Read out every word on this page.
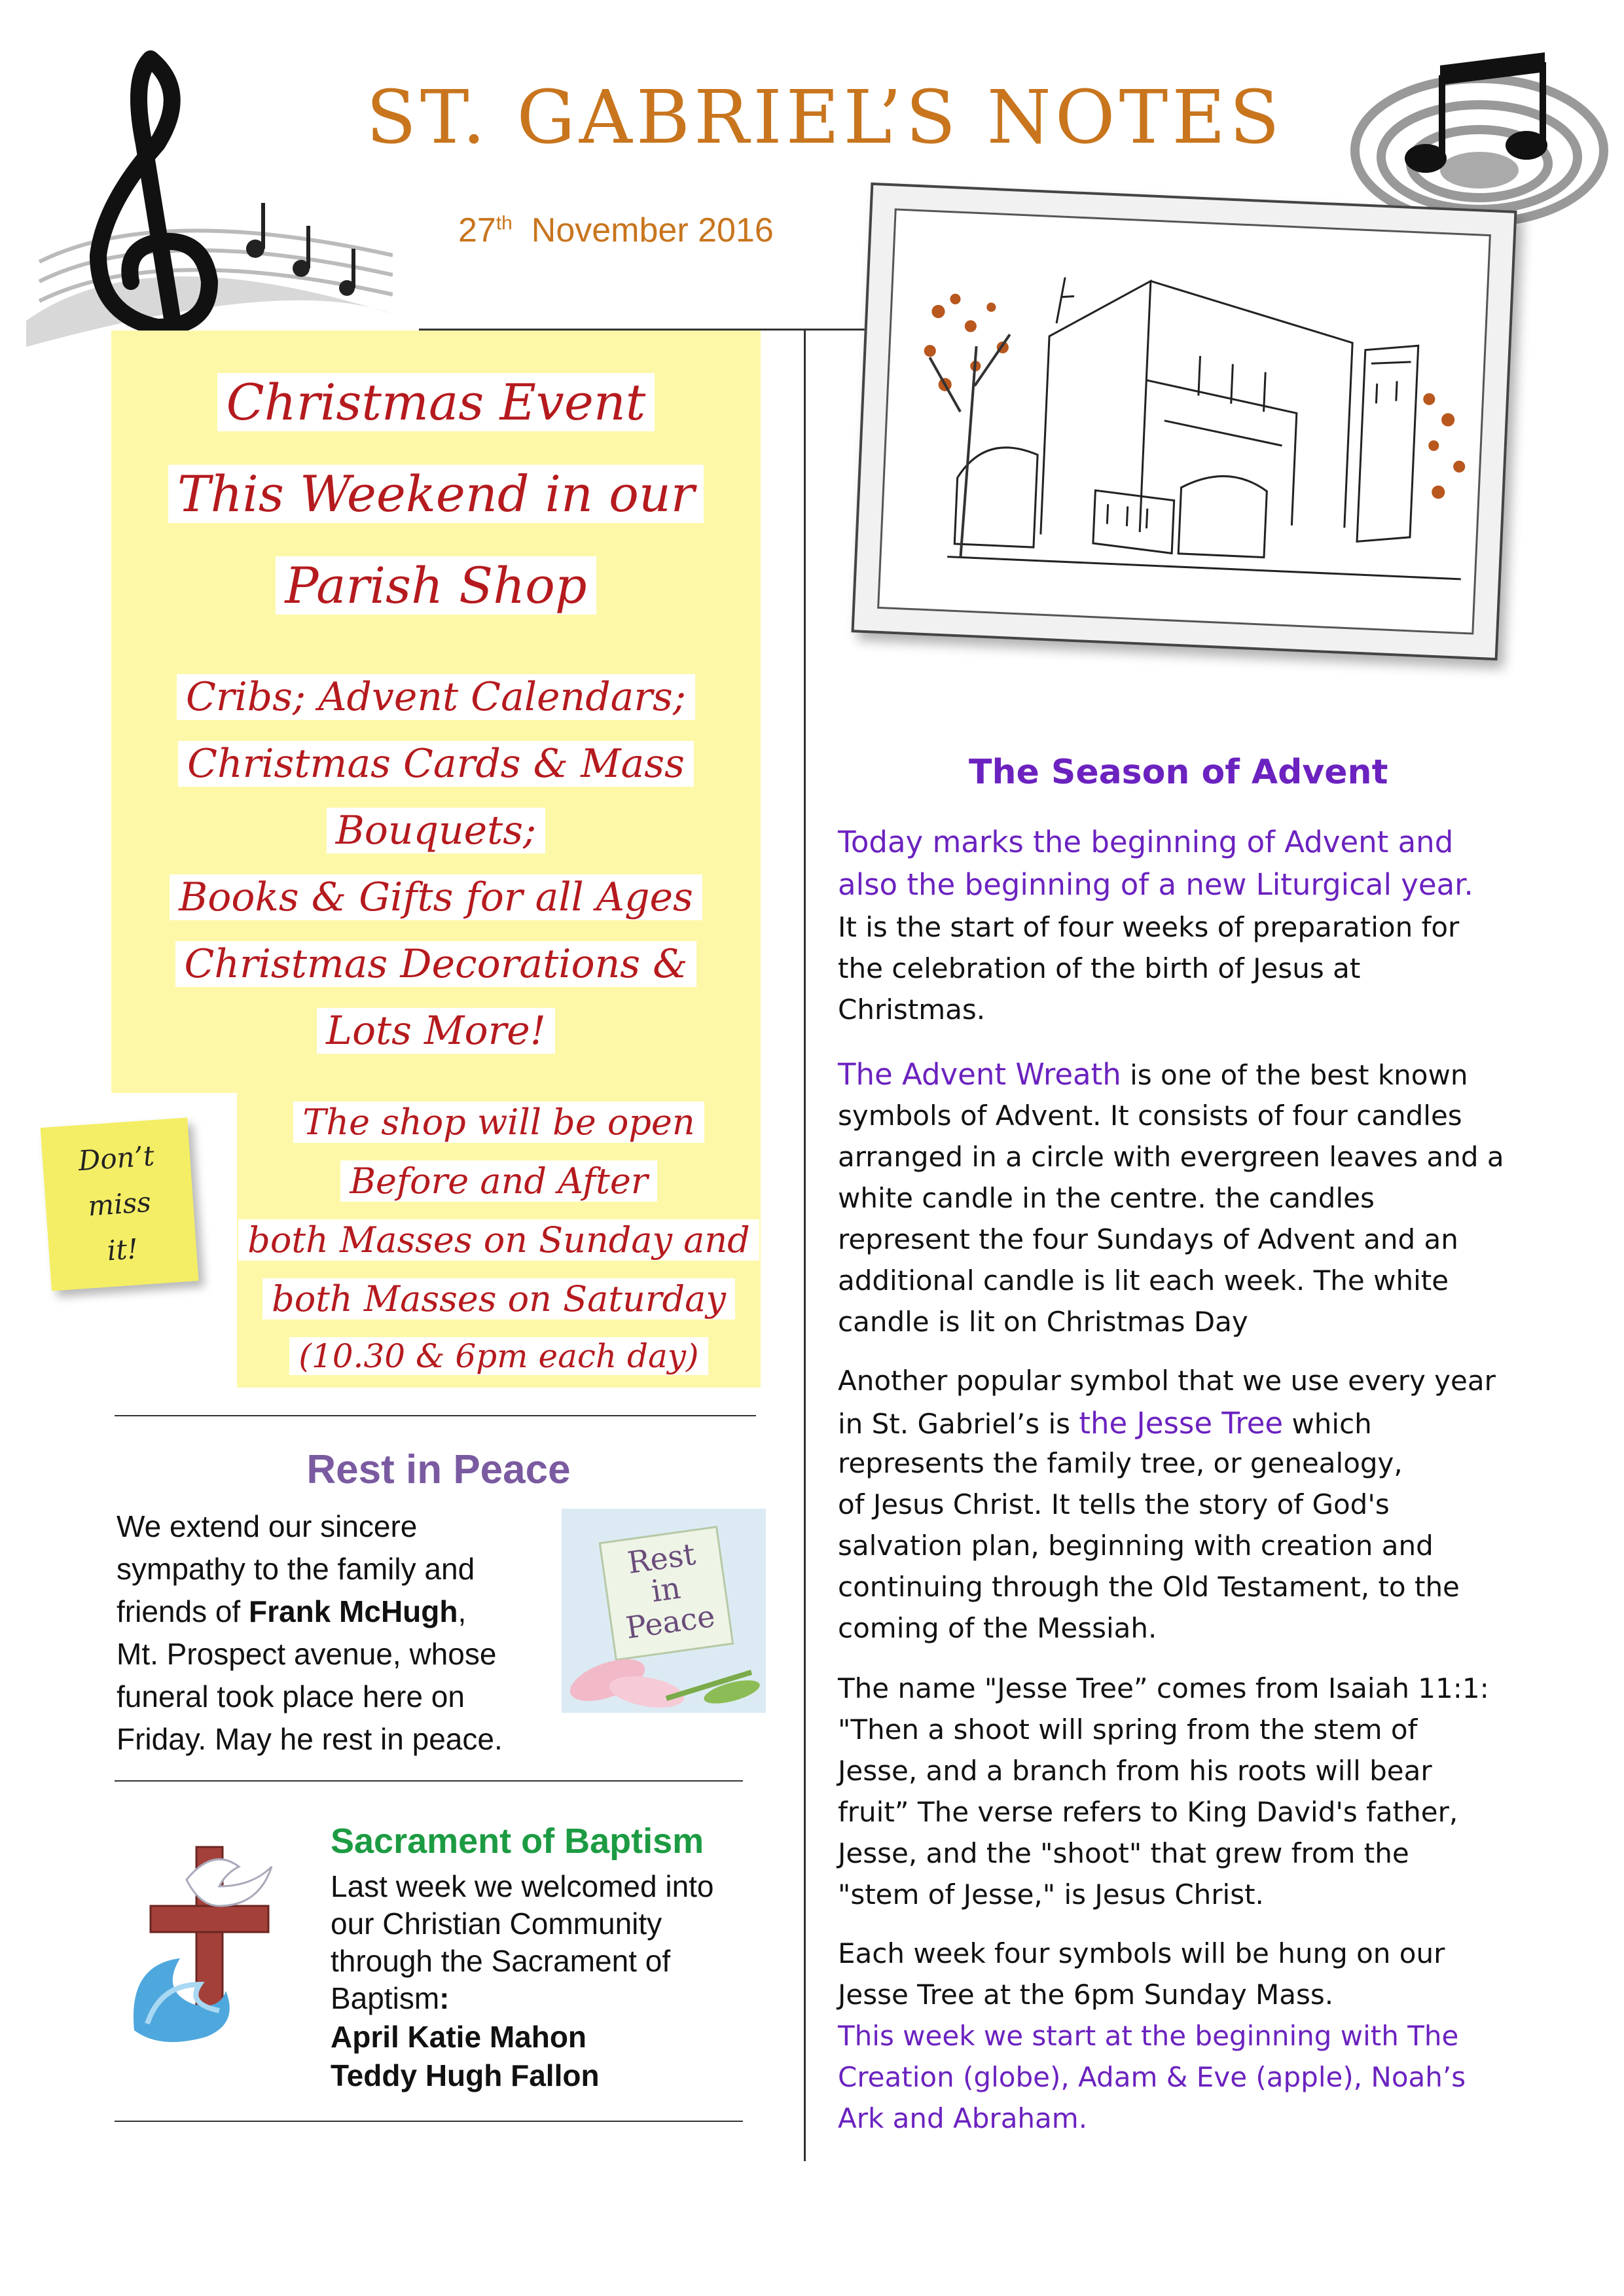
ST. GABRIEL’S NOTES
27th November 2016
Christmas Event
This Weekend in our
Parish Shop
Cribs; Advent Calendars;
Christmas Cards & Mass
Bouquets;
Books & Gifts for all Ages
Christmas Decorations &
Lots More!
The shop will be open
Before and After
both Masses on Sunday and
both Masses on Saturday
(10.30 & 6pm each day)
Don’t
miss
it!
Rest in Peace
We extend our sincere
sympathy to the family and
friends of Frank McHugh,
Mt. Prospect avenue, whose
funeral took place here on
Friday. May he rest in peace.
Rest
in
Peace
Sacrament of Baptism
Last week we welcomed into
our Christian Community
through the Sacrament of
Baptism:
April Katie Mahon
Teddy Hugh Fallon
The Season of Advent
Today marks the beginning of Advent and
also the beginning of a new Liturgical year.
It is the start of four weeks of preparation for
the celebration of the birth of Jesus at
Christmas.
The Advent Wreath is one of the best known
symbols of Advent. It consists of four candles
arranged in a circle with evergreen leaves and a
white candle in the centre. the candles
represent the four Sundays of Advent and an
additional candle is lit each week. The white
candle is lit on Christmas Day
Another popular symbol that we use every year
in St. Gabriel’s is the Jesse Tree which
represents the family tree, or genealogy,
of Jesus Christ. It tells the story of God's
salvation plan, beginning with creation and
continuing through the Old Testament, to the
coming of the Messiah.
The name "Jesse Tree” comes from Isaiah 11:1:
"Then a shoot will spring from the stem of
Jesse, and a branch from his roots will bear
fruit” The verse refers to King David's father,
Jesse, and the "shoot" that grew from the
"stem of Jesse," is Jesus Christ.
Each week four symbols will be hung on our
Jesse Tree at the 6pm Sunday Mass.
This week we start at the beginning with The
Creation (globe), Adam & Eve (apple), Noah’s
Ark and Abraham.
